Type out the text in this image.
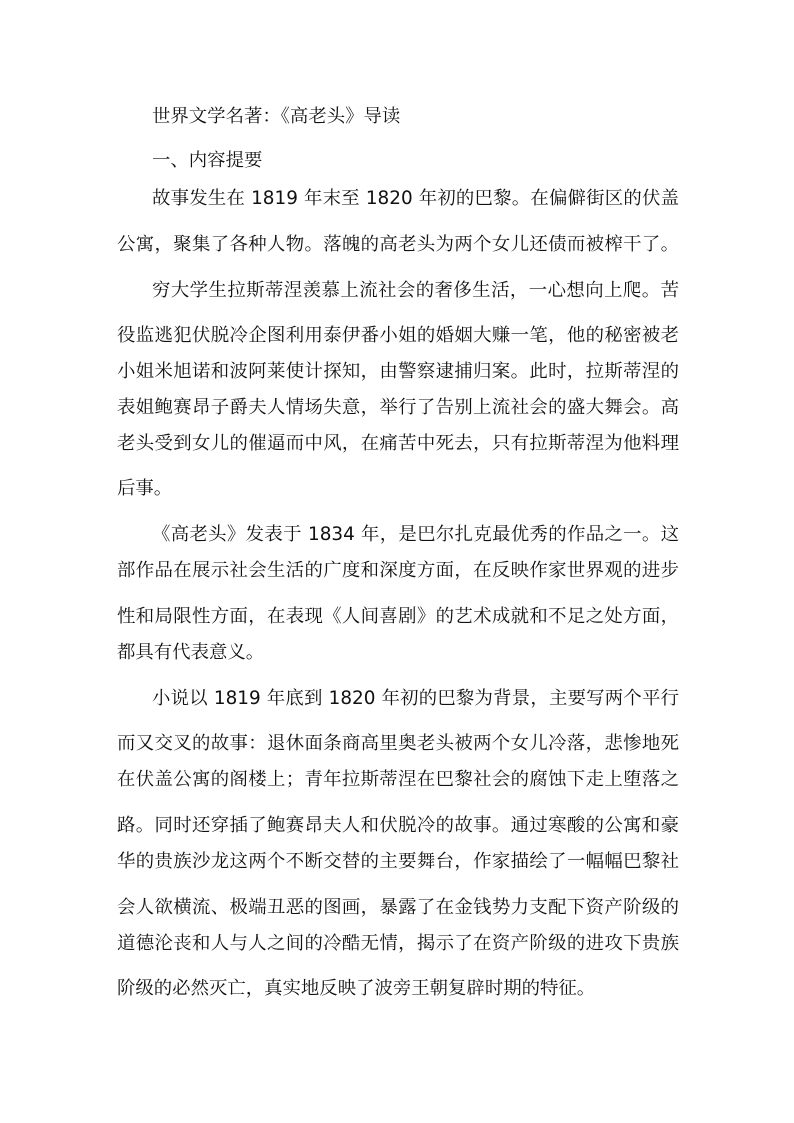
世界文学名著：《高老头》导读
一、内容提要
故事发生在 1819 年末至 1820 年初的巴黎。在偏僻街区的伏盖
公寓，聚集了各种人物。落魄的高老头为两个女儿还债而被榨干了。
穷大学生拉斯蒂涅羡慕上流社会的奢侈生活，一心想向上爬。苦
役监逃犯伏脱冷企图利用泰伊番小姐的婚姻大赚一笔，他的秘密被老
小姐米旭诺和波阿莱使计探知，由警察逮捕归案。此时，拉斯蒂涅的
表姐鲍赛昂子爵夫人情场失意，举行了告别上流社会的盛大舞会。高
老头受到女儿的催逼而中风，在痛苦中死去，只有拉斯蒂涅为他料理
后事。
《高老头》发表于 1834 年，是巴尔扎克最优秀的作品之一。这
部作品在展示社会生活的广度和深度方面，在反映作家世界观的进步
性和局限性方面，在表现《人间喜剧》的艺术成就和不足之处方面，
都具有代表意义。
小说以 1819 年底到 1820 年初的巴黎为背景，主要写两个平行
而又交叉的故事：退休面条商高里奥老头被两个女儿冷落，悲惨地死
在伏盖公寓的阁楼上；青年拉斯蒂涅在巴黎社会的腐蚀下走上堕落之
路。同时还穿插了鲍赛昂夫人和伏脱冷的故事。通过寒酸的公寓和豪
华的贵族沙龙这两个不断交替的主要舞台，作家描绘了一幅幅巴黎社
会人欲横流、极端丑恶的图画，暴露了在金钱势力支配下资产阶级的
道德沦丧和人与人之间的冷酷无情，揭示了在资产阶级的进攻下贵族
阶级的必然灭亡，真实地反映了波旁王朝复辟时期的特征。
